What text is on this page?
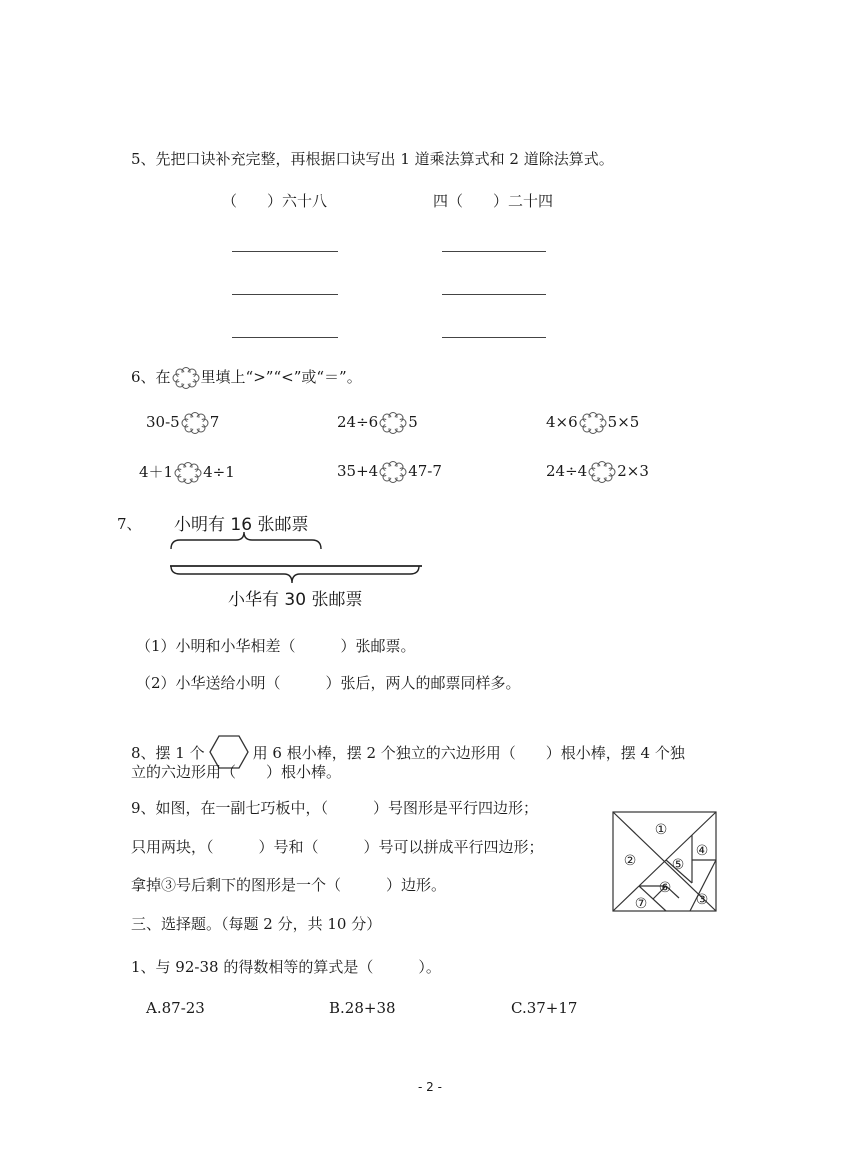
5、先把口诀补充完整，再根据口诀写出 1 道乘法算式和 2 道除法算式。
（　　）六十八	四（　　）二十四
6、在 里填上“>”“<”或“＝”。
30-5 7	24÷6 5	4×6 5×5
4＋1 4÷1	35+4 47-7	24÷4 2×3
7、 小明有 16 张邮票
小华有 30 张邮票
（1）小明和小华相差（　　　）张邮票。
（2）小华送给小明（　　　）张后，两人的邮票同样多。
8、摆 1 个	用 6 根小棒，摆 2 个独立的六边形用（　　）根小棒，摆 4 个独
立的六边形用（　　）根小棒。
9、如图，在一副七巧板中，（　　　）号图形是平行四边形；
只用两块，（　　　）号和（　　　）号可以拼成平行四边形；
拿掉③号后剩下的图形是一个（　　　）边形。
①
②
③
④
⑤
⑥
⑦
三、选择题。（每题 2 分，共 10 分）
1、与 92-38 的得数相等的算式是（　　　）。
A.87-23	B.28+38	C.37+17
- 2 -
